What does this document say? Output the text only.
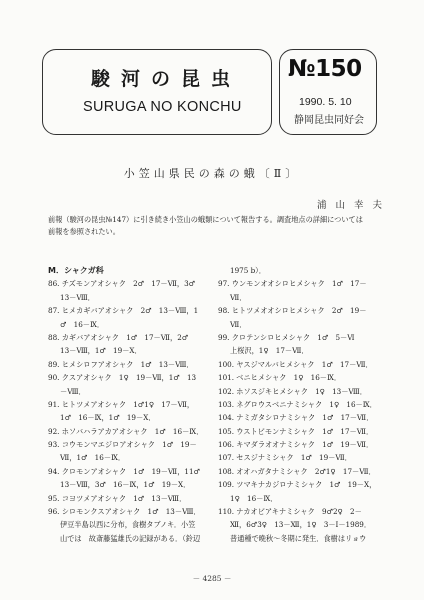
駿河の昆虫
SURUGA NO KONCHU
№150
1990. 5. 10
静岡昆虫同好会
小笠山県民の森の蛾〔Ⅱ〕
浦 山 幸 夫
前報（駿河の昆虫№147）に引き続き小笠山の蛾類について報告する。調査地点の詳細については
前報を参照されたい。
M．シャクガ科
86. チズモンアオシャク　2♂　17－Ⅶ，3♂
13－Ⅷ．
87. ヒメカギバアオシャク　2♂　13－Ⅷ，1
♂　16－Ⅸ．
88. カギバアオシャク　1♂　17－Ⅶ，2♂
13－Ⅷ，1♂　19－Ⅹ．
89. ヒメシロフアオシャク　1♂　13－Ⅷ．
90. クスアオシャク　1♀　19－Ⅶ，1♂　13
－Ⅷ．
91. ヒトツメアオシャク　1♂1♀　17－Ⅶ，
1♂　16－Ⅸ，1♂　19－Ⅹ．
92. ホソバハラアカアオシャク　1♂　16－Ⅸ．
93. コウモンマエジロアオシャク　1♂　19－
Ⅶ，1♂　16－Ⅸ．
94. クロモンアオシャク　1♂　19－Ⅶ，11♂
13－Ⅷ，3♂　16－Ⅸ，1♂　19－Ⅹ．
95. コヨツメアオシャク　1♂　13－Ⅷ．
96. シロモンクスアオシャク　1♂　13－Ⅷ．
伊豆半島以西に分布，食樹タブノキ．小笠
山では　故斎藤猛雄氏の記録がある．（鈴辺
1975 b）．
97. ウンモンオオシロヒメシャク　1♂　17－
Ⅶ．
98. ヒトツメオオシロヒメシャク　2♂　19－
Ⅶ．
99. クロテンシロヒメシャク　1♂　5－Ⅵ
上桜沢，1♀　17－Ⅶ．
100. ヤスジマルバヒメシャク　1♂　17－Ⅶ．
101. ベニヒメシャク　1♀　16－Ⅸ．
102. ホソスジキヒメシャク　1♀　13－Ⅷ．
103. ネグロウスベニナミシャク　1♀　16－Ⅸ．
104. ナミガタシロナミシャク　1♂　17－Ⅶ．
105. ウストビモンナミシャク　1♂　17－Ⅶ．
106. キマダラオオナミシャク　1♂　19－Ⅶ．
107. セスジナミシャク　1♂　19－Ⅶ．
108. オオハガタナミシャク　2♂1♀　17－Ⅶ．
109. ツマキナカジロナミシャク　1♂　19－Ⅹ，
1♀　16－Ⅸ．
110. ナカオビアキナミシャク　9♂2♀　2－
Ⅻ，6♂3♀　13－Ⅻ，1♀　3－Ⅰ－1989．
普通種で晩秋～冬期に発生．食樹はリョウ
－ 4285 －
